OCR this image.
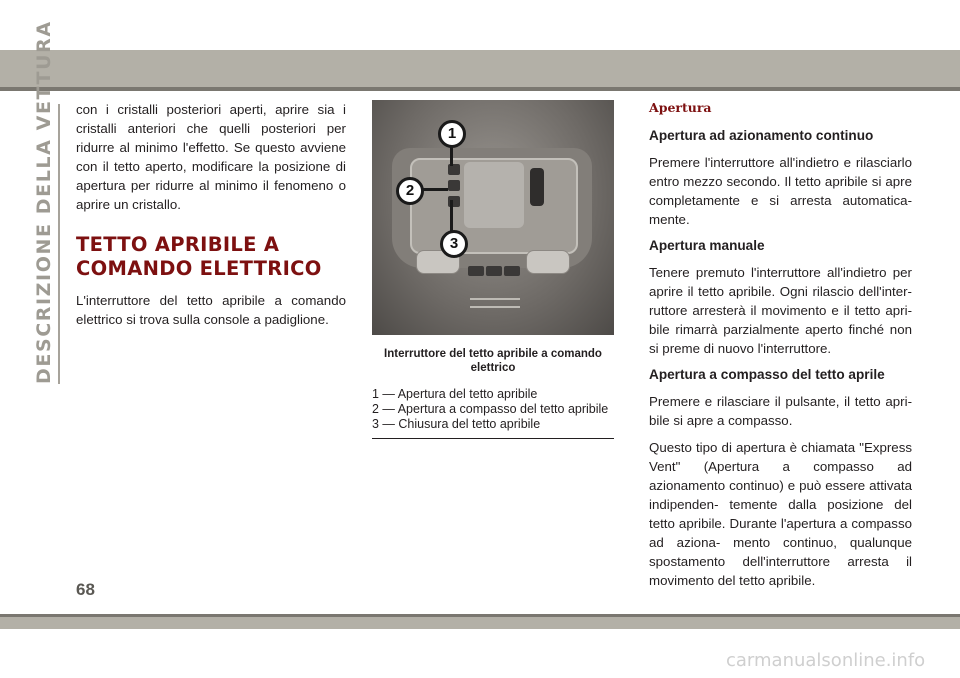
DESCRIZIONE DELLA VETTURA con i cristalli posteriori aperti, aprire sia i cristalli anteriori che quelli posteriori per ridurre al minimo l'effetto. Se questo avviene con il tetto aperto, modificare la posizione di apertura per ridurre al minimo il fenomeno o aprire un cristallo.

TETTO APRIBILE A
COMANDO ELETTRICO

L'interruttore del tetto apribile a comando elettrico si trova sulla console a padiglione.

1
2
3
Interruttore del tetto apribile a comando elettrico
1 — Apertura del tetto apribile
2 — Apertura a compasso del tetto apribile
3 — Chiusura del tetto apribile
Apertura
Apertura ad azionamento continuo

Premere l'interruttore all'indietro e rilasciarlo entro mezzo secondo. Il tetto apribile si apre completamente e si arresta automatica- mente.

Apertura manuale

Tenere premuto l'interruttore all'indietro per aprire il tetto apribile. Ogni rilascio dell'inter- ruttore arresterà il movimento e il tetto apri- bile rimarrà parzialmente aperto finché non si preme di nuovo l'interruttore.

Apertura a compasso del tetto aprile

Premere e rilasciare il pulsante, il tetto apri- bile si apre a compasso.

Questo tipo di apertura è chiamata "Express Vent" (Apertura a compasso ad azionamento continuo) e può essere attivata indipenden- temente dalla posizione del tetto apribile. Durante l'apertura a compasso ad aziona- mento continuo, qualunque spostamento dell'interruttore arresta il movimento del tetto apribile.

68
carmanualsonline.info
